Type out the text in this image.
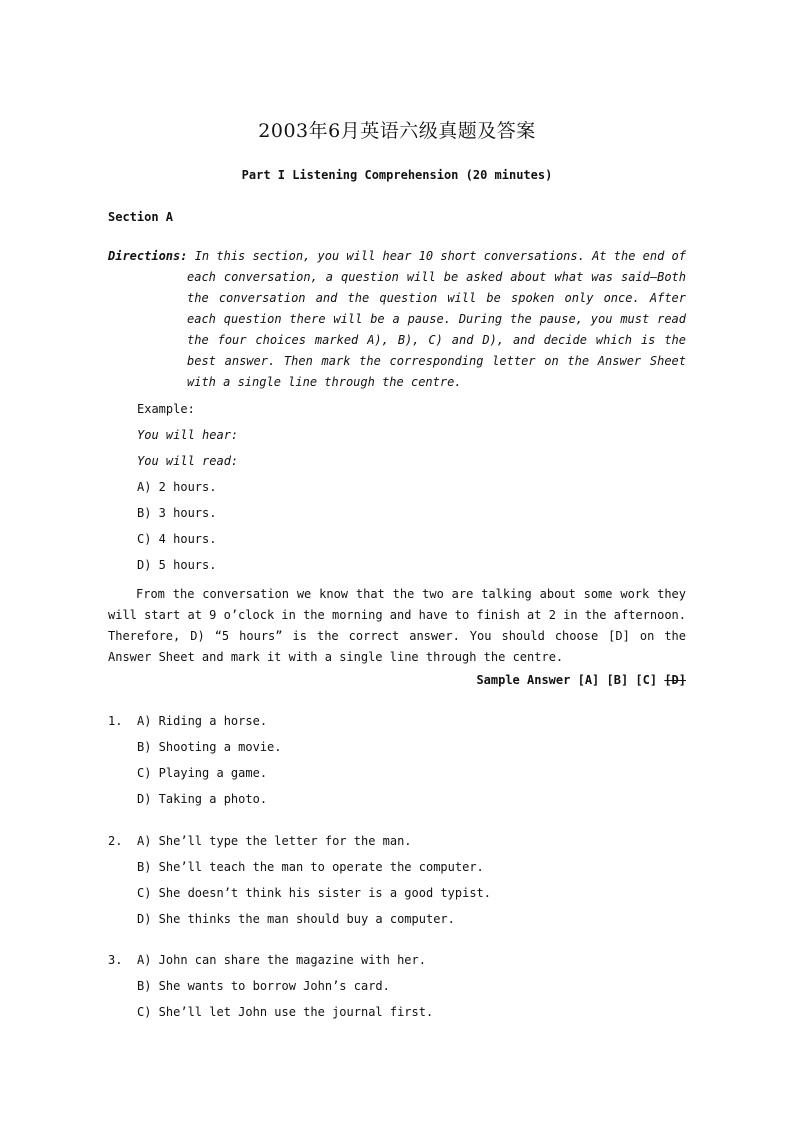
2003年6月英语六级真题及答案
Part I Listening Comprehension (20 minutes)
Section A
Directions: In this section, you will hear 10 short conversations. At the end of each conversation, a question will be asked about what was said—Both the conversation and the question will be spoken only once. After each question there will be a pause. During the pause, you must read the four choices marked A), B), C) and D), and decide which is the best answer. Then mark the corresponding letter on the Answer Sheet with a single line through the centre.
Example:
You will hear:
You will read:
A) 2 hours.
B) 3 hours.
C) 4 hours.
D) 5 hours.
From the conversation we know that the two are talking about some work they will start at 9 o’clock in the morning and have to finish at 2 in the afternoon. Therefore, D) “5 hours” is the correct answer. You should choose [D] on the Answer Sheet and mark it with a single line through the centre.
Sample Answer [A] [B] [C] [D]
1. A) Riding a horse.
B) Shooting a movie.
C) Playing a game.
D) Taking a photo.
2. A) She’ll type the letter for the man.
B) She’ll teach the man to operate the computer.
C) She doesn’t think his sister is a good typist.
D) She thinks the man should buy a computer.
3. A) John can share the magazine with her.
B) She wants to borrow John’s card.
C) She’ll let John use the journal first.
